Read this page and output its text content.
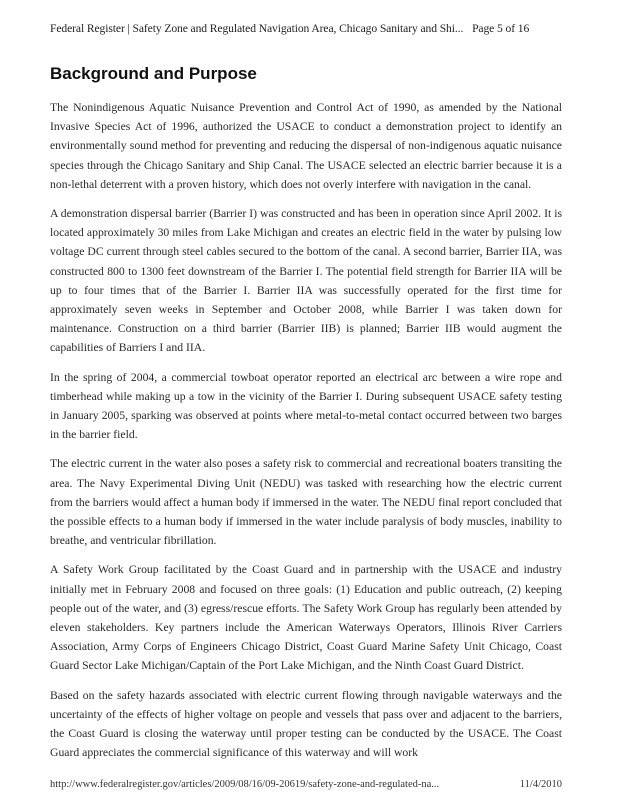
Federal Register | Safety Zone and Regulated Navigation Area, Chicago Sanitary and Shi... Page 5 of 16
Background and Purpose

The Nonindigenous Aquatic Nuisance Prevention and Control Act of 1990, as amended by the National Invasive Species Act of 1996, authorized the USACE to conduct a demonstration project to identify an environmentally sound method for preventing and reducing the dispersal of non-indigenous aquatic nuisance species through the Chicago Sanitary and Ship Canal. The USACE selected an electric barrier because it is a non-lethal deterrent with a proven history, which does not overly interfere with navigation in the canal.

A demonstration dispersal barrier (Barrier I) was constructed and has been in operation since April 2002. It is located approximately 30 miles from Lake Michigan and creates an electric field in the water by pulsing low voltage DC current through steel cables secured to the bottom of the canal. A second barrier, Barrier IIA, was constructed 800 to 1300 feet downstream of the Barrier I. The potential field strength for Barrier IIA will be up to four times that of the Barrier I. Barrier IIA was successfully operated for the first time for approximately seven weeks in September and October 2008, while Barrier I was taken down for maintenance. Construction on a third barrier (Barrier IIB) is planned; Barrier IIB would augment the capabilities of Barriers I and IIA.

In the spring of 2004, a commercial towboat operator reported an electrical arc between a wire rope and timberhead while making up a tow in the vicinity of the Barrier I. During subsequent USACE safety testing in January 2005, sparking was observed at points where metal-to-metal contact occurred between two barges in the barrier field.

The electric current in the water also poses a safety risk to commercial and recreational boaters transiting the area. The Navy Experimental Diving Unit (NEDU) was tasked with researching how the electric current from the barriers would affect a human body if immersed in the water. The NEDU final report concluded that the possible effects to a human body if immersed in the water include paralysis of body muscles, inability to breathe, and ventricular fibrillation.

A Safety Work Group facilitated by the Coast Guard and in partnership with the USACE and industry initially met in February 2008 and focused on three goals: (1) Education and public outreach, (2) keeping people out of the water, and (3) egress/rescue efforts. The Safety Work Group has regularly been attended by eleven stakeholders. Key partners include the American Waterways Operators, Illinois River Carriers Association, Army Corps of Engineers Chicago District, Coast Guard Marine Safety Unit Chicago, Coast Guard Sector Lake Michigan/Captain of the Port Lake Michigan, and the Ninth Coast Guard District.

Based on the safety hazards associated with electric current flowing through navigable waterways and the uncertainty of the effects of higher voltage on people and vessels that pass over and adjacent to the barriers, the Coast Guard is closing the waterway until proper testing can be conducted by the USACE. The Coast Guard appreciates the commercial significance of this waterway and will work

http://www.federalregister.gov/articles/2009/08/16/09-20619/safety-zone-and-regulated-na...	11/4/2010
